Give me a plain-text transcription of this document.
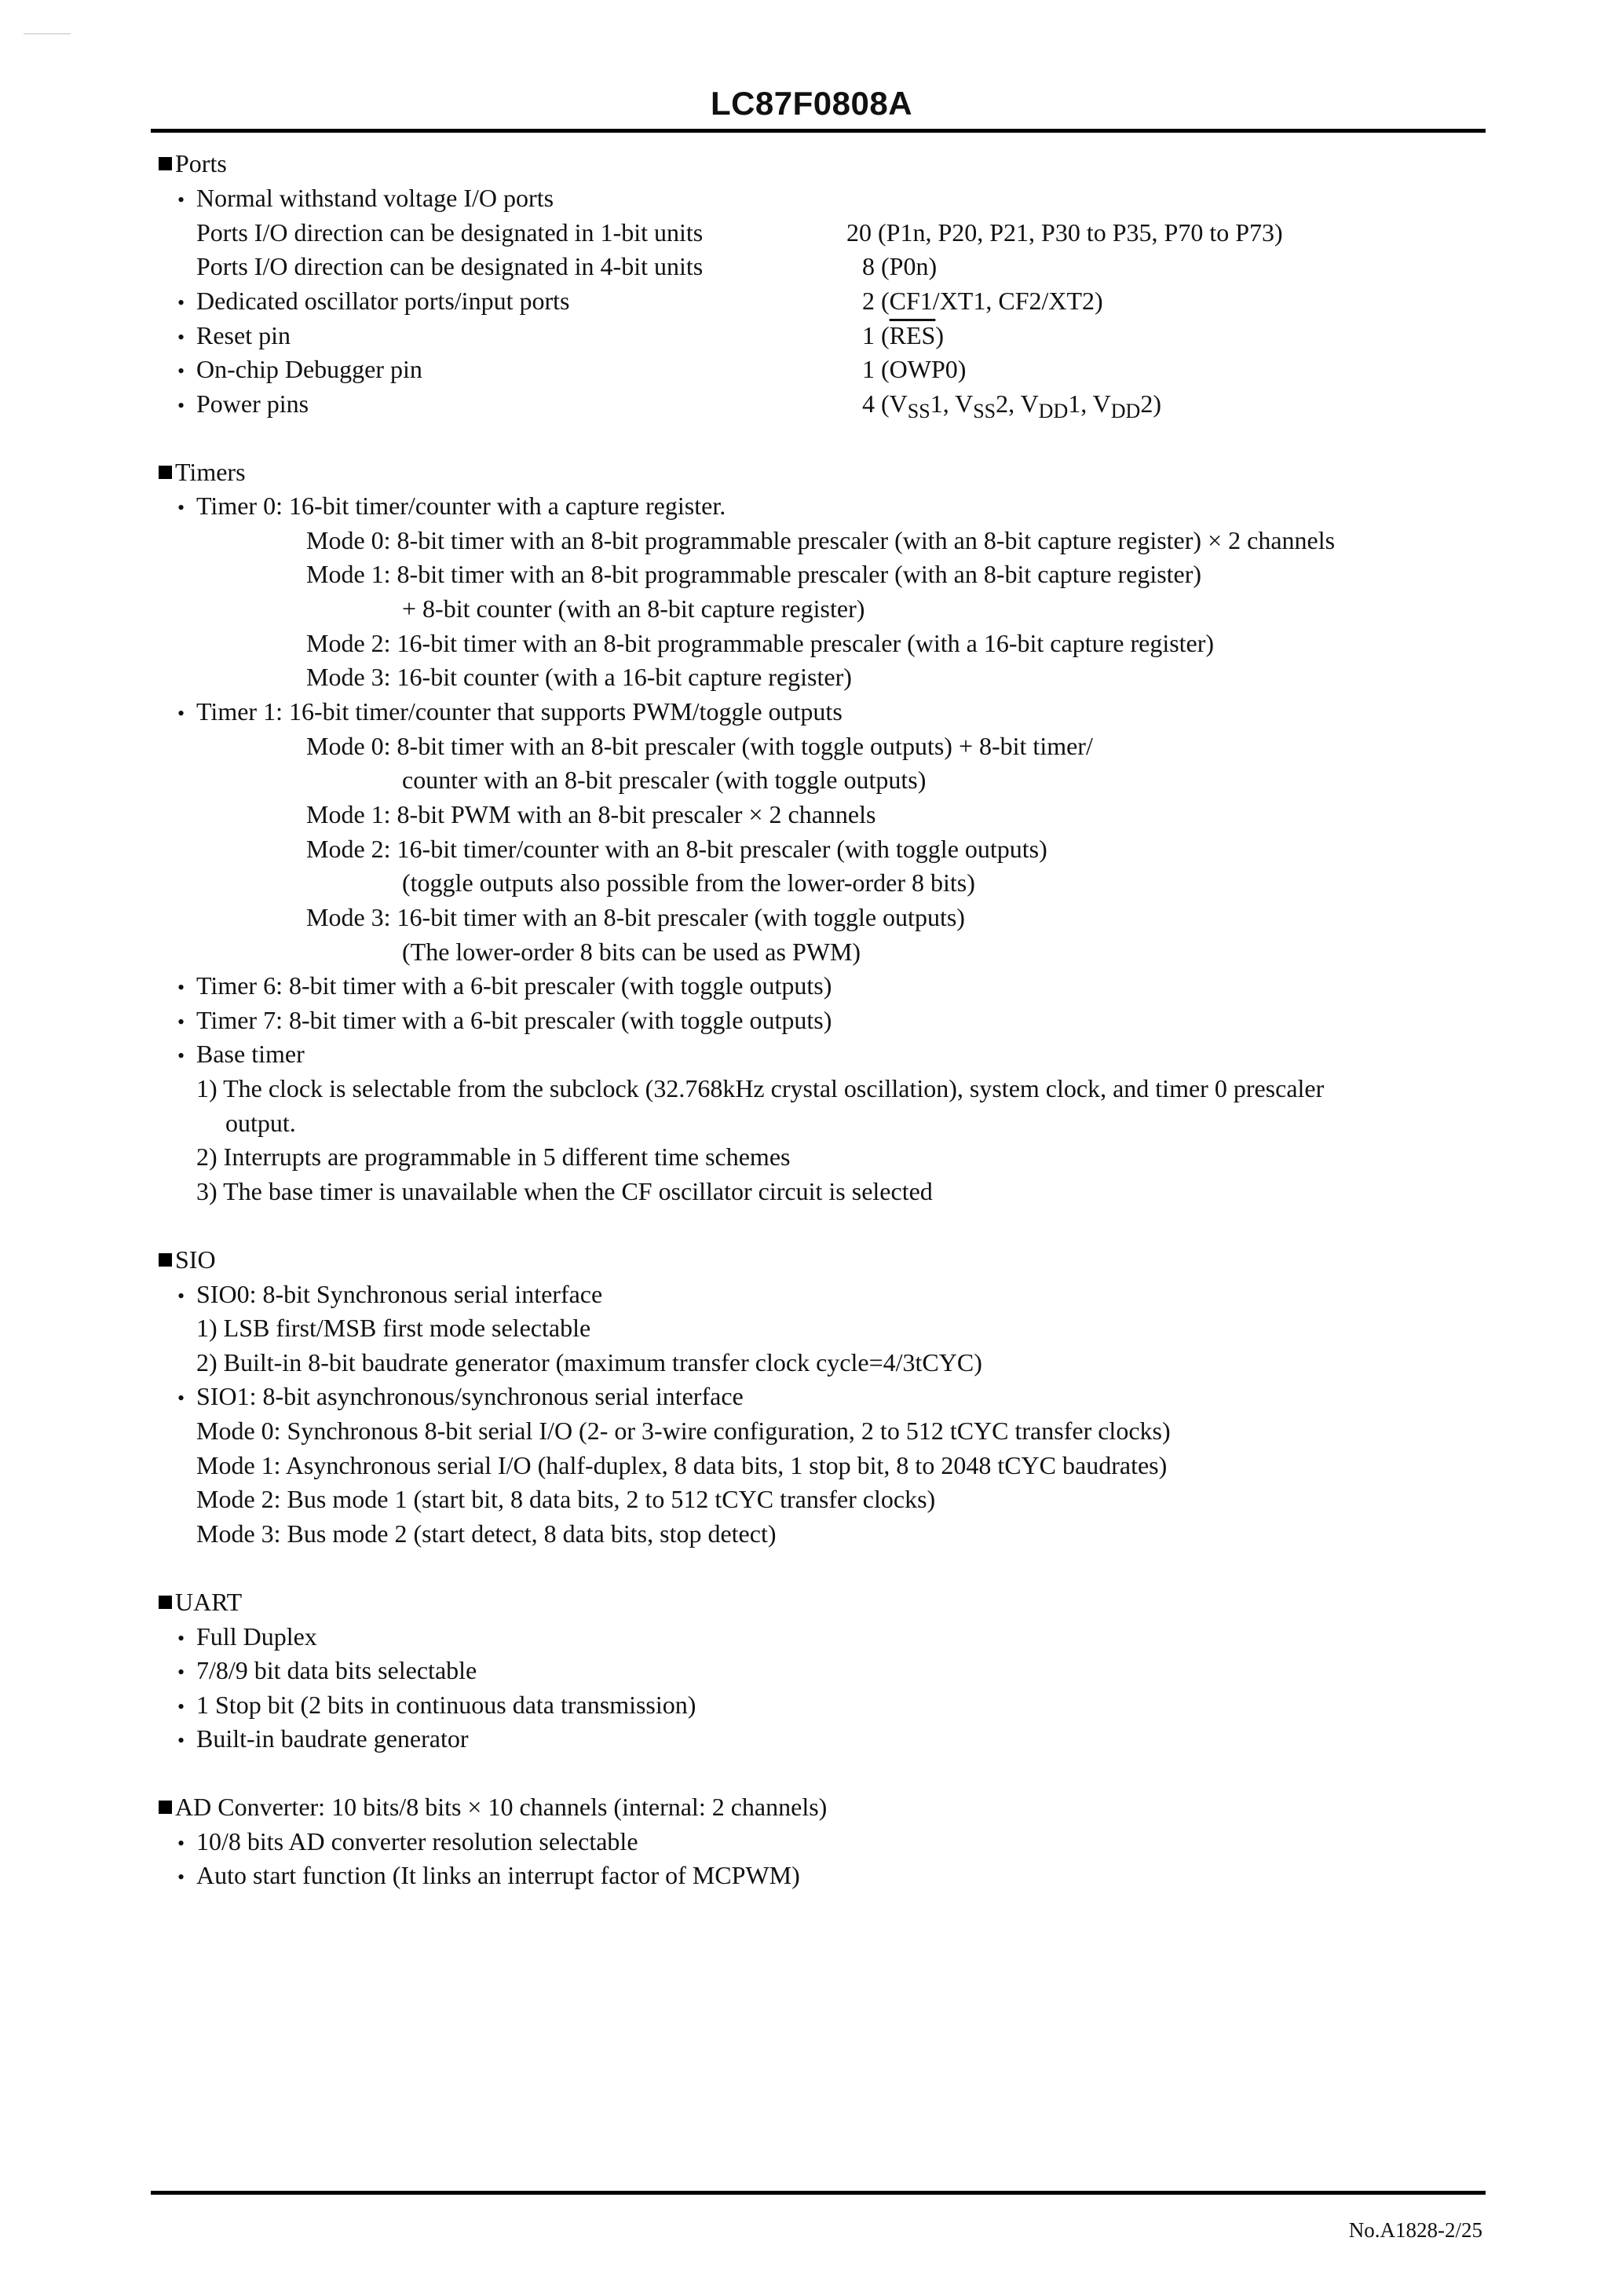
LC87F0808A
Ports
• Normal withstand voltage I/O ports
Ports I/O direction can be designated in 1-bit units	20 (P1n, P20, P21, P30 to P35, P70 to P73)
Ports I/O direction can be designated in 4-bit units	8 (P0n)
• Dedicated oscillator ports/input ports	2 (CF1/XT1, CF2/XT2)
• Reset pin	1 $(\overline{RES})$
• On-chip Debugger pin	1 (OWP0)
• Power pins	4 ($V_{SS}1$, $V_{SS}2$, $V_{DD}1$, $V_{DD}2$)
Timers
• Timer 0: 16-bit timer/counter with a capture register.
Mode 0: 8-bit timer with an 8-bit programmable prescaler (with an 8-bit capture register) × 2 channels
Mode 1: 8-bit timer with an 8-bit programmable prescaler (with an 8-bit capture register)
+ 8-bit counter (with an 8-bit capture register)
Mode 2: 16-bit timer with an 8-bit programmable prescaler (with a 16-bit capture register)
Mode 3: 16-bit counter (with a 16-bit capture register)
• Timer 1: 16-bit timer/counter that supports PWM/toggle outputs
Mode 0: 8-bit timer with an 8-bit prescaler (with toggle outputs) + 8-bit timer/
counter with an 8-bit prescaler (with toggle outputs)
Mode 1: 8-bit PWM with an 8-bit prescaler × 2 channels
Mode 2: 16-bit timer/counter with an 8-bit prescaler (with toggle outputs)
(toggle outputs also possible from the lower-order 8 bits)
Mode 3: 16-bit timer with an 8-bit prescaler (with toggle outputs)
(The lower-order 8 bits can be used as PWM)
• Timer 6: 8-bit timer with a 6-bit prescaler (with toggle outputs)
• Timer 7: 8-bit timer with a 6-bit prescaler (with toggle outputs)
• Base timer
1) The clock is selectable from the subclock (32.768kHz crystal oscillation), system clock, and timer 0 prescaler
output.
2) Interrupts are programmable in 5 different time schemes
3) The base timer is unavailable when the CF oscillator circuit is selected
SIO
• SIO0: 8-bit Synchronous serial interface
1) LSB first/MSB first mode selectable
2) Built-in 8-bit baudrate generator (maximum transfer clock cycle=4/3tCYC)
• SIO1: 8-bit asynchronous/synchronous serial interface
Mode 0: Synchronous 8-bit serial I/O (2- or 3-wire configuration, 2 to 512 tCYC transfer clocks)
Mode 1: Asynchronous serial I/O (half-duplex, 8 data bits, 1 stop bit, 8 to 2048 tCYC baudrates)
Mode 2: Bus mode 1 (start bit, 8 data bits, 2 to 512 tCYC transfer clocks)
Mode 3: Bus mode 2 (start detect, 8 data bits, stop detect)
UART
• Full Duplex
• 7/8/9 bit data bits selectable
• 1 Stop bit (2 bits in continuous data transmission)
• Built-in baudrate generator
AD Converter: 10 bits/8 bits × 10 channels (internal: 2 channels)
• 10/8 bits AD converter resolution selectable
• Auto start function (It links an interrupt factor of MCPWM)
No.A1828-2/25
